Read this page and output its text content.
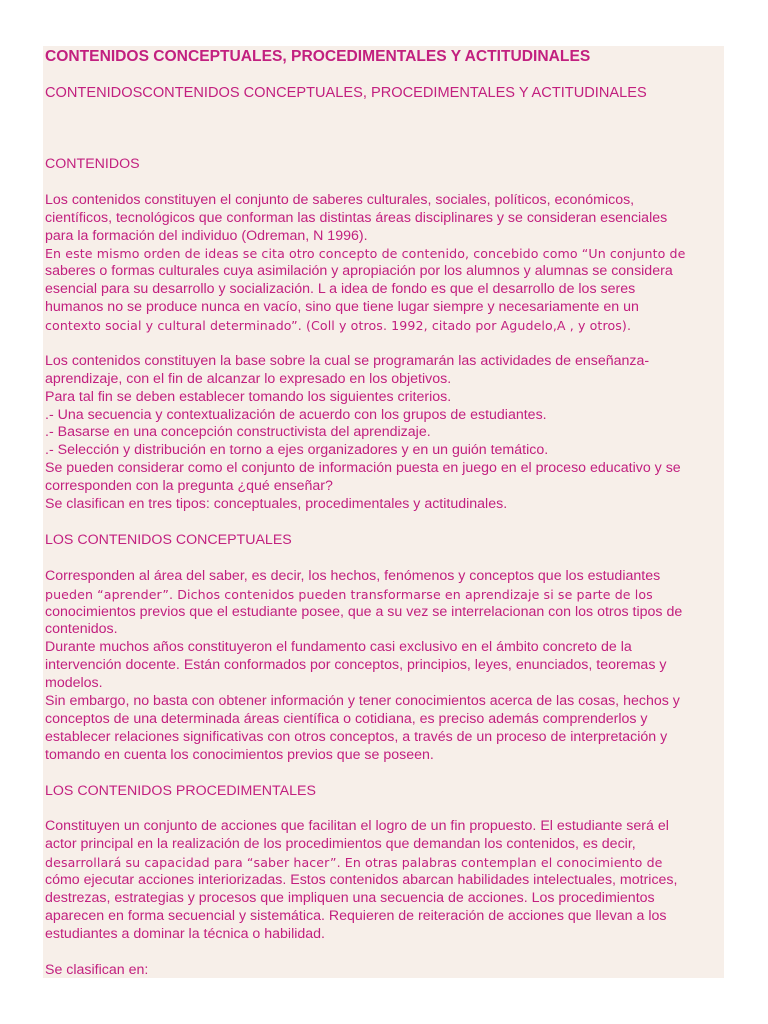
CONTENIDOS CONCEPTUALES, PROCEDIMENTALES Y ACTITUDINALES
CONTENIDOSCONTENIDOS CONCEPTUALES, PROCEDIMENTALES Y ACTITUDINALES
CONTENIDOS
Los contenidos constituyen el conjunto de saberes culturales, sociales, políticos, económicos,
científicos, tecnológicos que conforman las distintas áreas disciplinares y se consideran esenciales
para la formación del individuo (Odreman, N 1996).
En este mismo orden de ideas se cita otro concepto de contenido, concebido como “Un conjunto de
saberes o formas culturales cuya asimilación y apropiación por los alumnos y alumnas se considera
esencial para su desarrollo y socialización. L a idea de fondo es que el desarrollo de los seres
humanos no se produce nunca en vacío, sino que tiene lugar siempre y necesariamente en un
contexto social y cultural determinado”. (Coll y otros. 1992, citado por Agudelo,A , y otros).
Los contenidos constituyen la base sobre la cual se programarán las actividades de enseñanza-
aprendizaje, con el fin de alcanzar lo expresado en los objetivos.
Para tal fin se deben establecer tomando los siguientes criterios.
.- Una secuencia y contextualización de acuerdo con los grupos de estudiantes.
.- Basarse en una concepción constructivista del aprendizaje.
.- Selección y distribución en torno a ejes organizadores y en un guión temático.
Se pueden considerar como el conjunto de información puesta en juego en el proceso educativo y se
corresponden con la pregunta ¿qué enseñar?
Se clasifican en tres tipos: conceptuales, procedimentales y actitudinales.
LOS CONTENIDOS CONCEPTUALES
Corresponden al área del saber, es decir, los hechos, fenómenos y conceptos que los estudiantes
pueden “aprender”. Dichos contenidos pueden transformarse en aprendizaje si se parte de los
conocimientos previos que el estudiante posee, que a su vez se interrelacionan con los otros tipos de
contenidos.
Durante muchos años constituyeron el fundamento casi exclusivo en el ámbito concreto de la
intervención docente. Están conformados por conceptos, principios, leyes, enunciados, teoremas y
modelos.
Sin embargo, no basta con obtener información y tener conocimientos acerca de las cosas, hechos y
conceptos de una determinada áreas científica o cotidiana, es preciso además comprenderlos y
establecer relaciones significativas con otros conceptos, a través de un proceso de interpretación y
tomando en cuenta los conocimientos previos que se poseen.
LOS CONTENIDOS PROCEDIMENTALES
Constituyen un conjunto de acciones que facilitan el logro de un fin propuesto. El estudiante será el
actor principal en la realización de los procedimientos que demandan los contenidos, es decir,
desarrollará su capacidad para “saber hacer”. En otras palabras contemplan el conocimiento de
cómo ejecutar acciones interiorizadas. Estos contenidos abarcan habilidades intelectuales, motrices,
destrezas, estrategias y procesos que impliquen una secuencia de acciones. Los procedimientos
aparecen en forma secuencial y sistemática. Requieren de reiteración de acciones que llevan a los
estudiantes a dominar la técnica o habilidad.
Se clasifican en:
